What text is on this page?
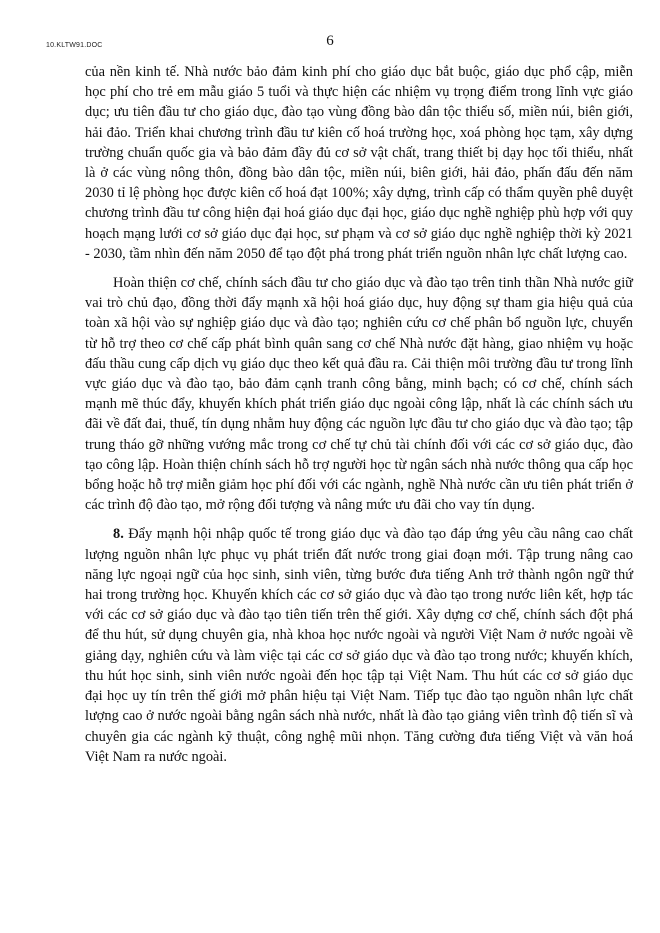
10.KLTW91.DOC	6

của nền kinh tế. Nhà nước bảo đảm kinh phí cho giáo dục bắt buộc, giáo dục phổ cập, miễn học phí cho trẻ em mẫu giáo 5 tuổi và thực hiện các nhiệm vụ trọng điểm trong lĩnh vực giáo dục; ưu tiên đầu tư cho giáo dục, đào tạo vùng đồng bào dân tộc thiểu số, miền núi, biên giới, hải đảo. Triển khai chương trình đầu tư kiên cố hoá trường học, xoá phòng học tạm, xây dựng trường chuẩn quốc gia và bảo đảm đầy đủ cơ sở vật chất, trang thiết bị dạy học tối thiểu, nhất là ở các vùng nông thôn, đồng bào dân tộc, miền núi, biên giới, hải đảo, phấn đấu đến năm 2030 tỉ lệ phòng học được kiên cố hoá đạt 100%; xây dựng, trình cấp có thẩm quyền phê duyệt chương trình đầu tư công hiện đại hoá giáo dục đại học, giáo dục nghề nghiệp phù hợp với quy hoạch mạng lưới cơ sở giáo dục đại học, sư phạm và cơ sở giáo dục nghề nghiệp thời kỳ 2021 - 2030, tầm nhìn đến năm 2050 để tạo đột phá trong phát triển nguồn nhân lực chất lượng cao.

Hoàn thiện cơ chế, chính sách đầu tư cho giáo dục và đào tạo trên tinh thần Nhà nước giữ vai trò chủ đạo, đồng thời đẩy mạnh xã hội hoá giáo dục, huy động sự tham gia hiệu quả của toàn xã hội vào sự nghiệp giáo dục và đào tạo; nghiên cứu cơ chế phân bổ nguồn lực, chuyển từ hỗ trợ theo cơ chế cấp phát bình quân sang cơ chế Nhà nước đặt hàng, giao nhiệm vụ hoặc đấu thầu cung cấp dịch vụ giáo dục theo kết quả đầu ra. Cải thiện môi trường đầu tư trong lĩnh vực giáo dục và đào tạo, bảo đảm cạnh tranh công bằng, minh bạch; có cơ chế, chính sách mạnh mẽ thúc đẩy, khuyến khích phát triển giáo dục ngoài công lập, nhất là các chính sách ưu đãi về đất đai, thuế, tín dụng nhằm huy động các nguồn lực đầu tư cho giáo dục và đào tạo; tập trung tháo gỡ những vướng mắc trong cơ chế tự chủ tài chính đối với các cơ sở giáo dục, đào tạo công lập. Hoàn thiện chính sách hỗ trợ người học từ ngân sách nhà nước thông qua cấp học bổng hoặc hỗ trợ miễn giảm học phí đối với các ngành, nghề Nhà nước cần ưu tiên phát triển ở các trình độ đào tạo, mở rộng đối tượng và nâng mức ưu đãi cho vay tín dụng.

8. Đẩy mạnh hội nhập quốc tế trong giáo dục và đào tạo đáp ứng yêu cầu nâng cao chất lượng nguồn nhân lực phục vụ phát triển đất nước trong giai đoạn mới. Tập trung nâng cao năng lực ngoại ngữ của học sinh, sinh viên, từng bước đưa tiếng Anh trở thành ngôn ngữ thứ hai trong trường học. Khuyến khích các cơ sở giáo dục và đào tạo trong nước liên kết, hợp tác với các cơ sở giáo dục và đào tạo tiên tiến trên thế giới. Xây dựng cơ chế, chính sách đột phá để thu hút, sử dụng chuyên gia, nhà khoa học nước ngoài và người Việt Nam ở nước ngoài về giảng dạy, nghiên cứu và làm việc tại các cơ sở giáo dục và đào tạo trong nước; khuyến khích, thu hút học sinh, sinh viên nước ngoài đến học tập tại Việt Nam. Thu hút các cơ sở giáo dục đại học uy tín trên thế giới mở phân hiệu tại Việt Nam. Tiếp tục đào tạo nguồn nhân lực chất lượng cao ở nước ngoài bằng ngân sách nhà nước, nhất là đào tạo giảng viên trình độ tiến sĩ và chuyên gia các ngành kỹ thuật, công nghệ mũi nhọn. Tăng cường đưa tiếng Việt và văn hoá Việt Nam ra nước ngoài.
